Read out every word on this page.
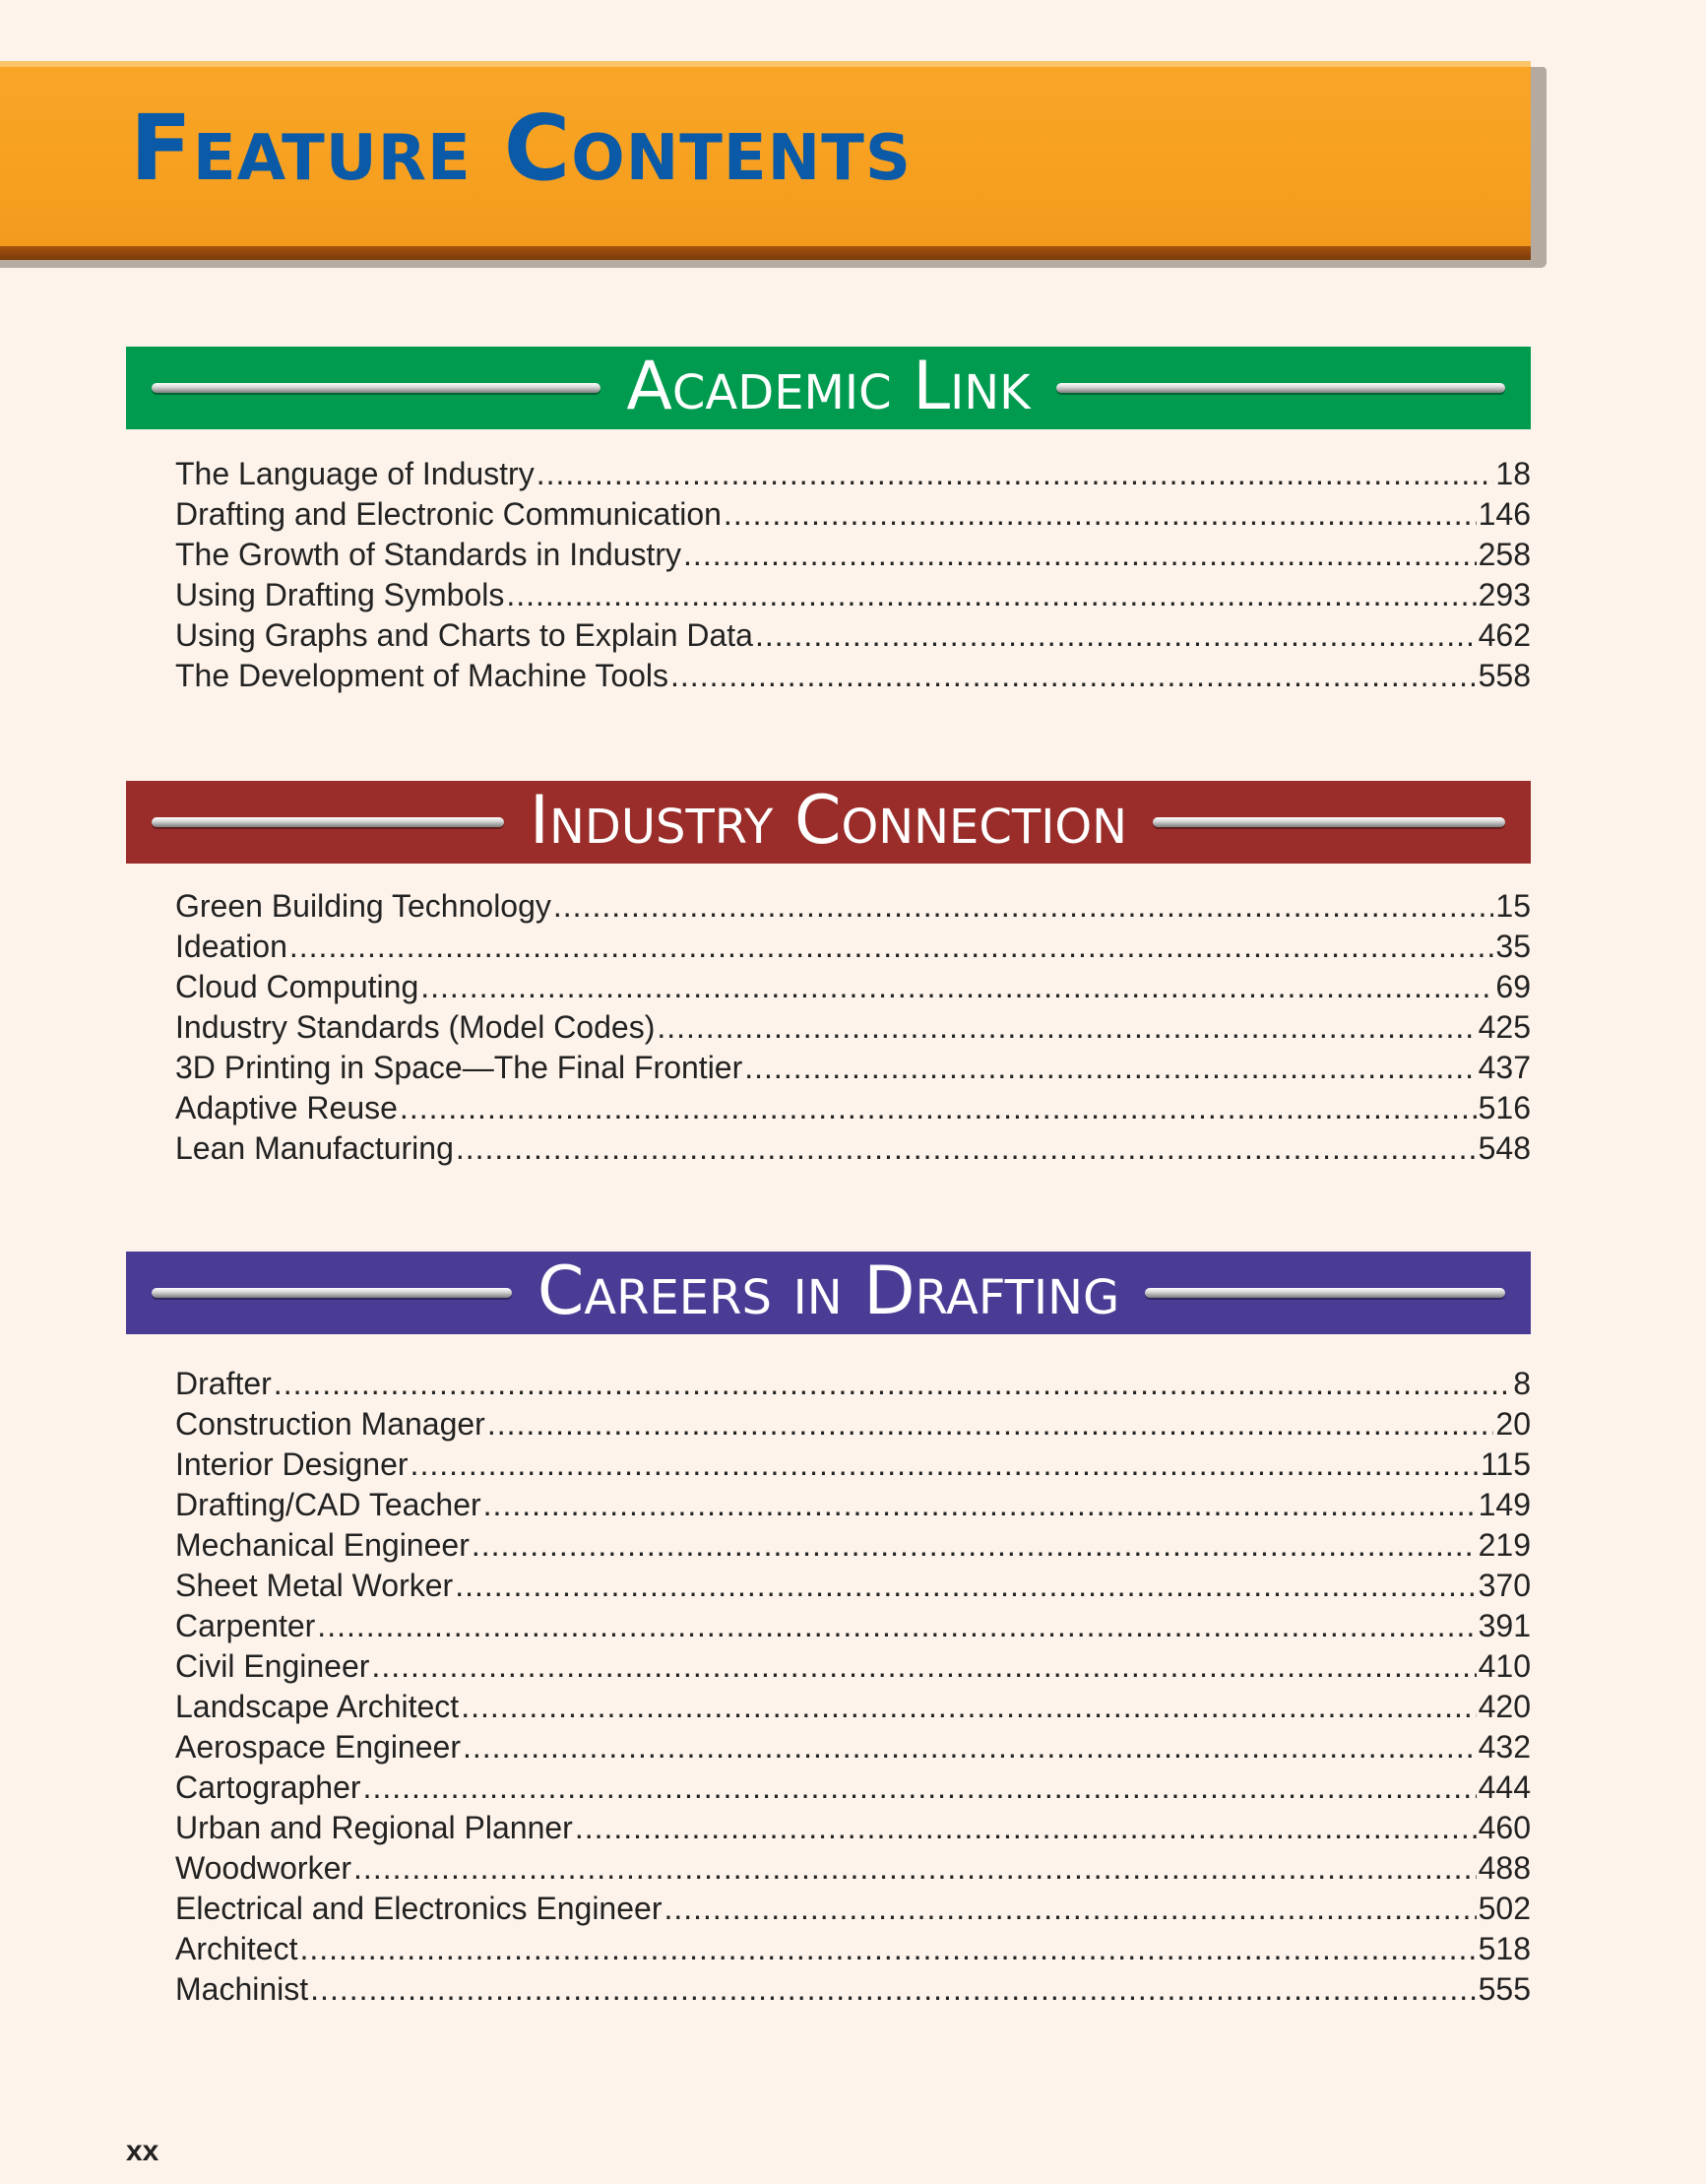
Feature Contents
Academic Link
The Language of Industry .....	18
Drafting and Electronic Communication .....	146
The Growth of Standards in Industry .....	258
Using Drafting Symbols .....	293
Using Graphs and Charts to Explain Data .....	462
The Development of Machine Tools .....	558
Industry Connection
Green Building Technology .....	15
Ideation .....	35
Cloud Computing .....	69
Industry Standards (Model Codes) .....	425
3D Printing in Space—The Final Frontier .....	437
Adaptive Reuse .....	516
Lean Manufacturing .....	548
Careers in Drafting
Drafter .....	8
Construction Manager .....	20
Interior Designer .....	115
Drafting/CAD Teacher .....	149
Mechanical Engineer .....	219
Sheet Metal Worker .....	370
Carpenter .....	391
Civil Engineer .....	410
Landscape Architect .....	420
Aerospace Engineer .....	432
Cartographer .....	444
Urban and Regional Planner .....	460
Woodworker .....	488
Electrical and Electronics Engineer .....	502
Architect .....	518
Machinist .....	555

xx
